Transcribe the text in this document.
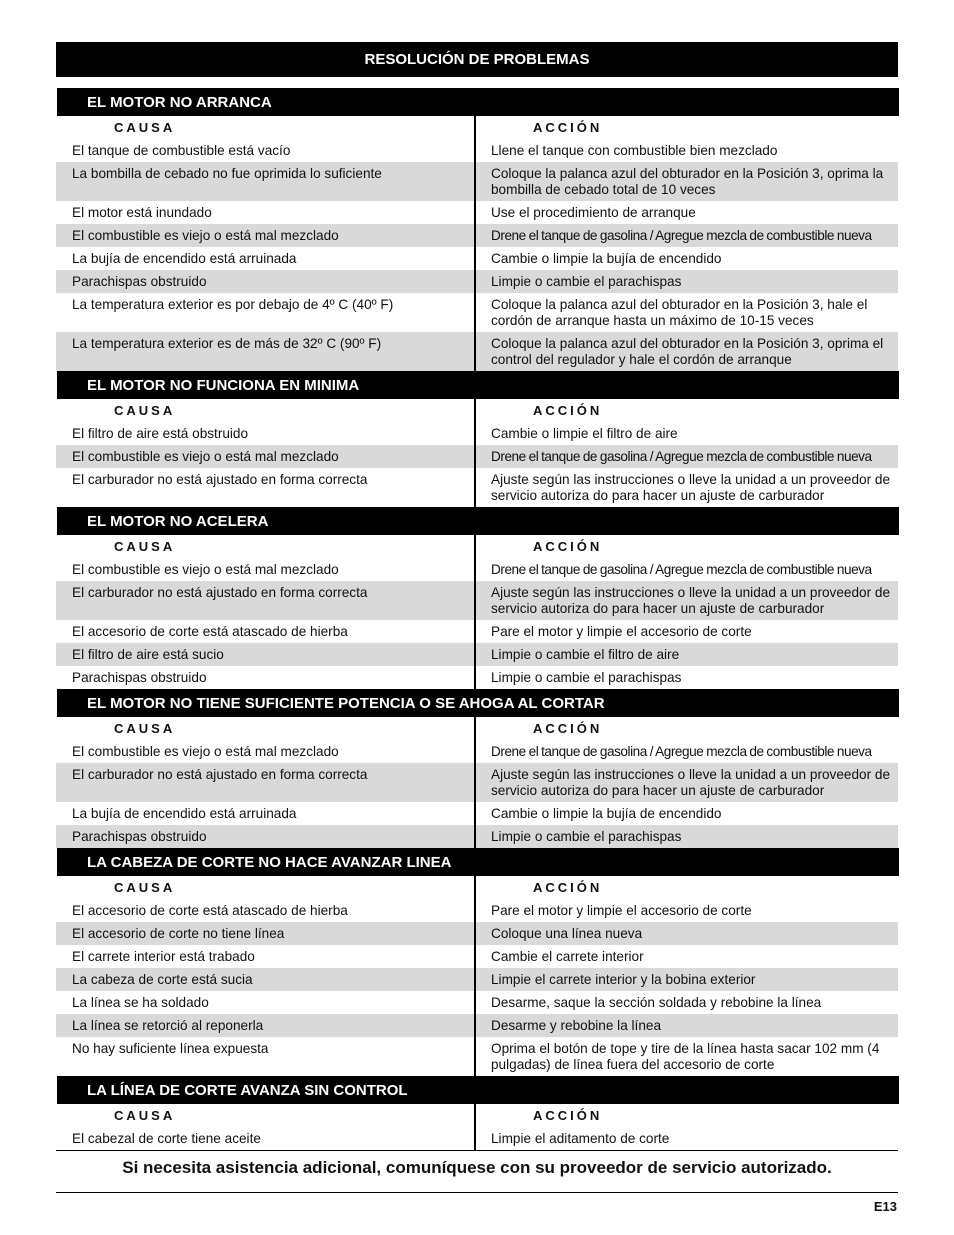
RESOLUCIÓN DE PROBLEMAS
EL MOTOR NO ARRANCA
CAUSA	ACCIÓN
El tanque de combustible está vacío	Llene el tanque con combustible bien mezclado
La bombilla de cebado no fue oprimida lo suficiente	Coloque la palanca azul del obturador en la Posición 3, oprima la bombilla de cebado total de 10 veces
El motor está inundado	Use el procedimiento de arranque
El combustible es viejo o está mal mezclado	Drene el tanque de gasolina / Agregue mezcla de combustible nueva
La bujía de encendido está arruinada	Cambie o limpie la bujía de encendido
Parachispas obstruido	Limpie o cambie el parachispas
La temperatura exterior es por debajo de 4º C (40º F)	Coloque la palanca azul del obturador en la Posición 3, hale el cordón de arranque hasta un máximo de 10-15 veces
La temperatura exterior es de más de 32º C (90º F)	Coloque la palanca azul del obturador en la Posición 3, oprima el control del regulador y hale el cordón de arranque
EL MOTOR NO FUNCIONA EN MINIMA
CAUSA	ACCIÓN
El filtro de aire está obstruido	Cambie o limpie el filtro de aire
El combustible es viejo o está mal mezclado	Drene el tanque de gasolina / Agregue mezcla de combustible nueva
El carburador no está ajustado en forma correcta	Ajuste según las instrucciones o lleve la unidad a un proveedor de servicio autoriza do para hacer un ajuste de carburador
EL MOTOR NO ACELERA
CAUSA	ACCIÓN
El combustible es viejo o está mal mezclado	Drene el tanque de gasolina / Agregue mezcla de combustible nueva
El carburador no está ajustado en forma correcta	Ajuste según las instrucciones o lleve la unidad a un proveedor de servicio autoriza do para hacer un ajuste de carburador
El accesorio de corte está atascado de hierba	Pare el motor y limpie el accesorio de corte
El filtro de aire está sucio	Limpie o cambie el filtro de aire
Parachispas obstruido	Limpie o cambie el parachispas
EL MOTOR NO TIENE SUFICIENTE POTENCIA O SE AHOGA AL CORTAR
CAUSA	ACCIÓN
El combustible es viejo o está mal mezclado	Drene el tanque de gasolina / Agregue mezcla de combustible nueva
El carburador no está ajustado en forma correcta	Ajuste según las instrucciones o lleve la unidad a un proveedor de servicio autoriza do para hacer un ajuste de carburador
La bujía de encendido está arruinada	Cambie o limpie la bujía de encendido
Parachispas obstruido	Limpie o cambie el parachispas
LA CABEZA DE CORTE NO HACE AVANZAR LINEA
CAUSA	ACCIÓN
El accesorio de corte está atascado de hierba	Pare el motor y limpie el accesorio de corte
El accesorio de corte no tiene línea	Coloque una línea nueva
El carrete interior está trabado	Cambie el carrete interior
La cabeza de corte está sucia	Limpie el carrete interior y la bobina exterior
La línea se ha soldado	Desarme, saque la sección soldada y rebobine la línea
La línea se retorció al reponerla	Desarme y rebobine la línea
No hay suficiente línea expuesta	Oprima el botón de tope y tire de la línea hasta sacar 102 mm (4 pulgadas) de línea fuera del accesorio de corte
LA LÍNEA DE CORTE AVANZA SIN CONTROL
CAUSA	ACCIÓN
El cabezal de corte tiene aceite	Limpie el aditamento de corte
Si necesita asistencia adicional, comuníquese con su proveedor de servicio autorizado.
E13
